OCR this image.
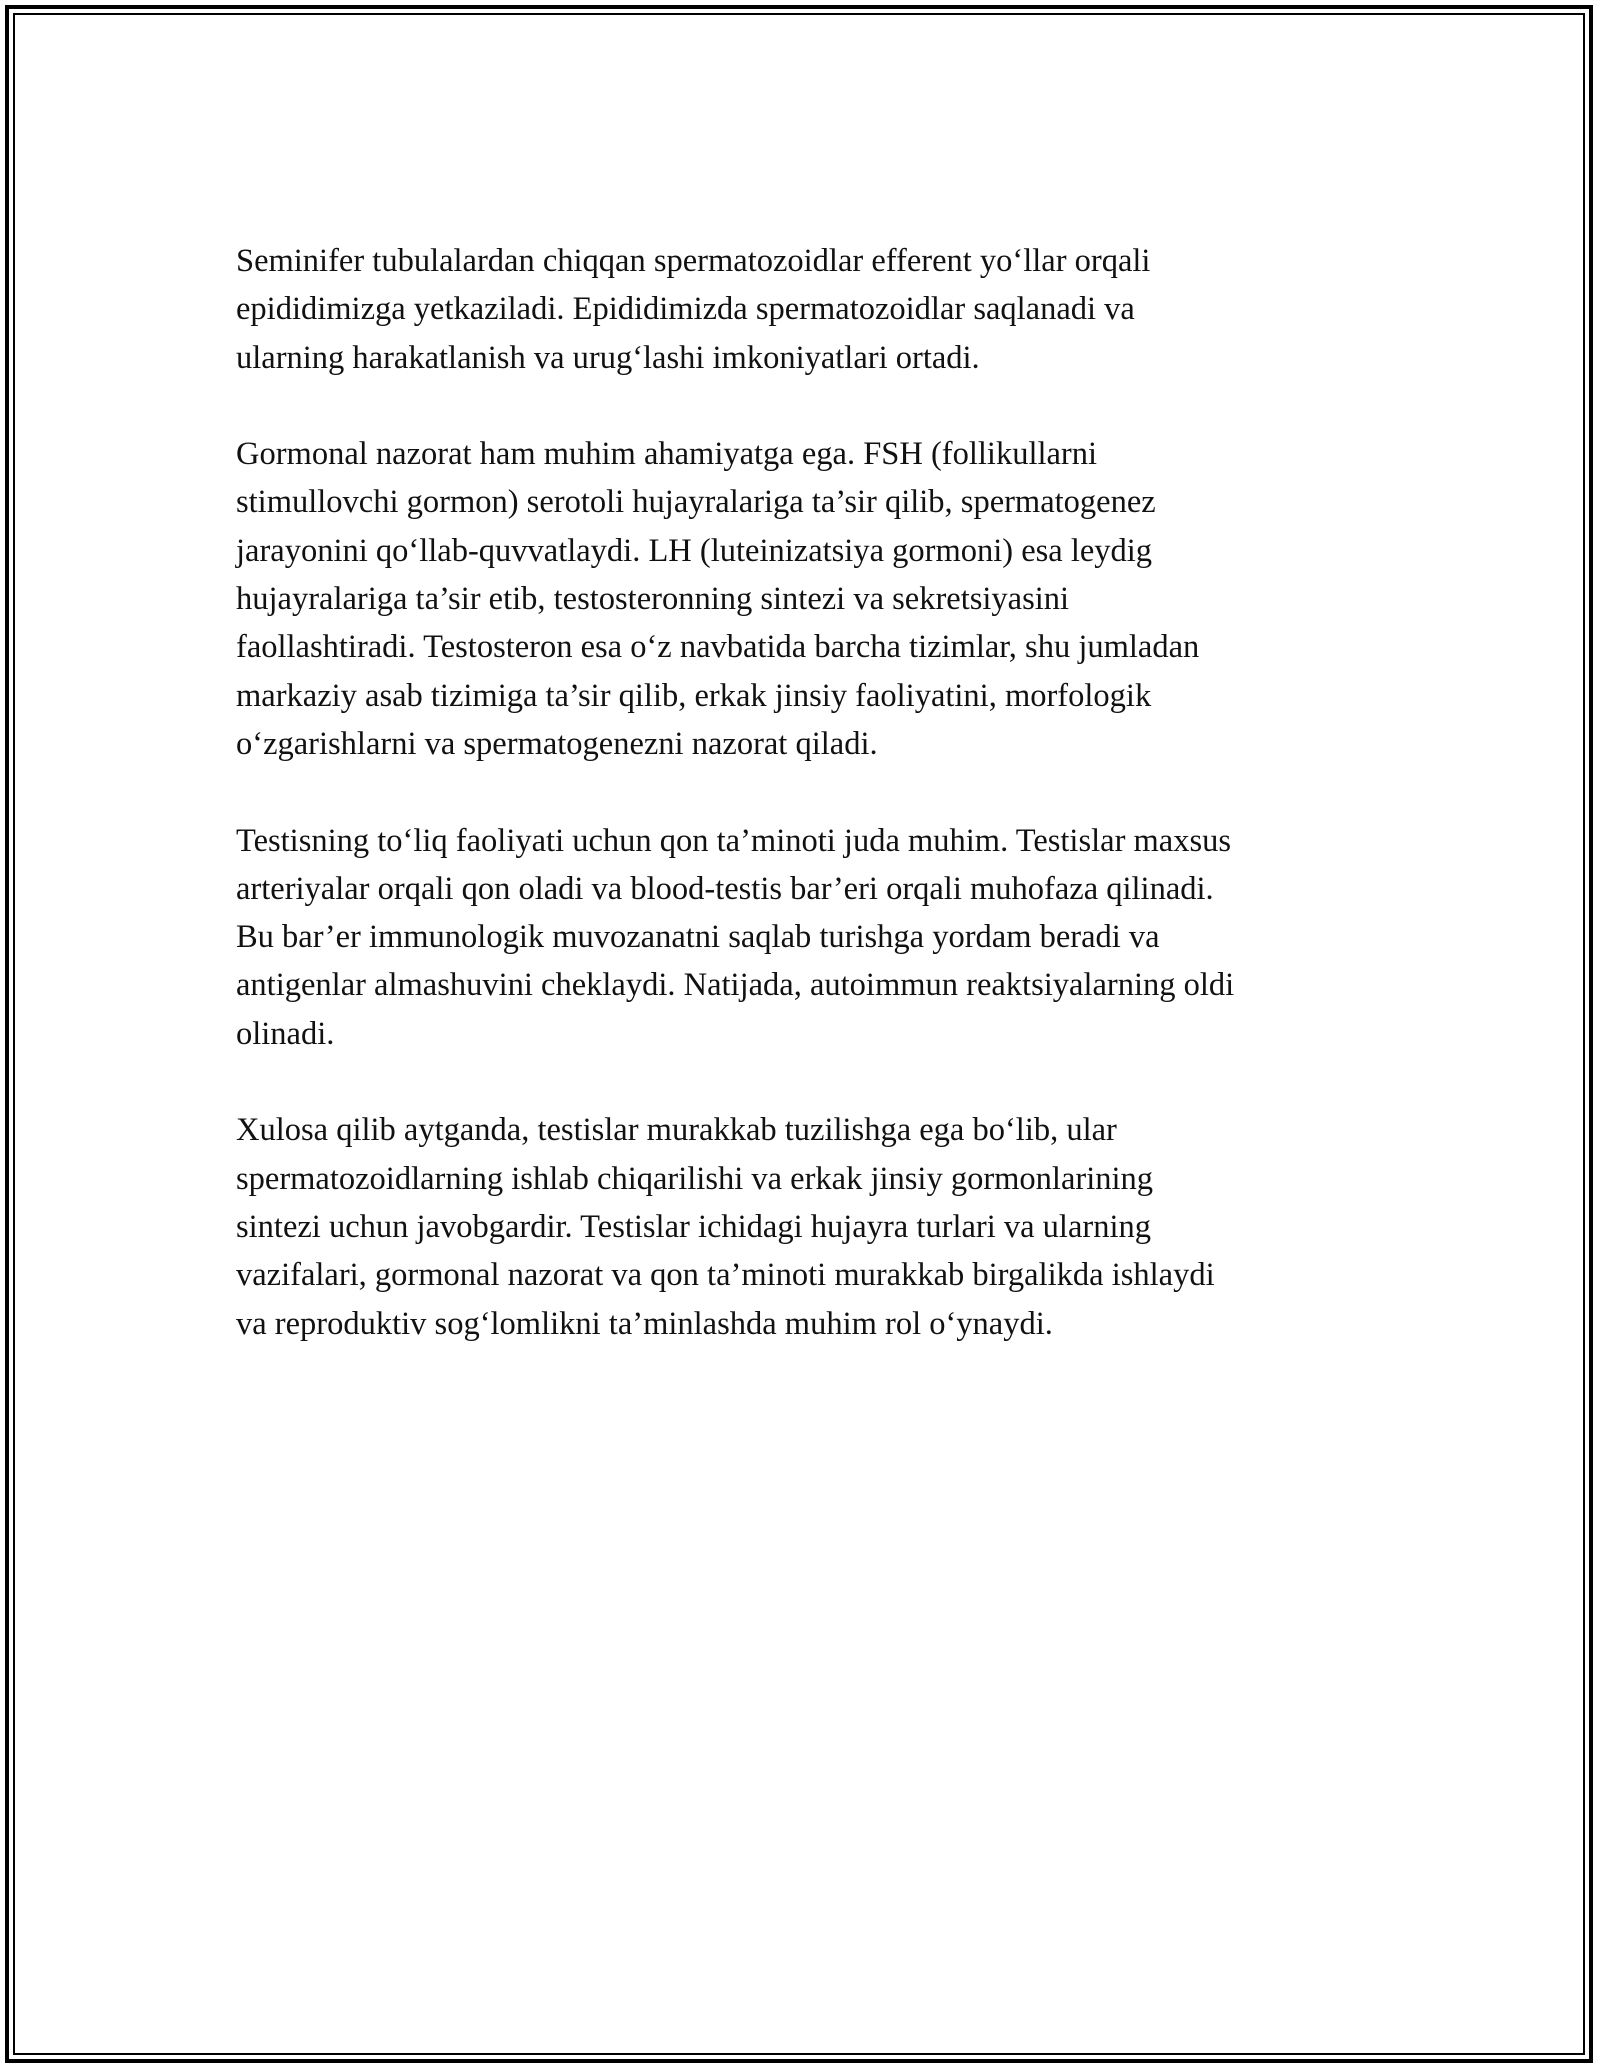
Seminifer tubulalardan chiqqan spermatozoidlar efferent yo‘llar orqali
epididimizga yetkaziladi. Epididimizda spermatozoidlar saqlanadi va
ularning harakatlanish va urug‘lashi imkoniyatlari ortadi.

Gormonal nazorat ham muhim ahamiyatga ega. FSH (follikullarni
stimullovchi gormon) serotoli hujayralariga ta’sir qilib, spermatogenez
jarayonini qo‘llab-quvvatlaydi. LH (luteinizatsiya gormoni) esa leydig
hujayralariga ta’sir etib, testosteronning sintezi va sekretsiyasini
faollashtiradi. Testosteron esa o‘z navbatida barcha tizimlar, shu jumladan
markaziy asab tizimiga ta’sir qilib, erkak jinsiy faoliyatini, morfologik
o‘zgarishlarni va spermatogenezni nazorat qiladi.

Testisning to‘liq faoliyati uchun qon ta’minoti juda muhim. Testislar maxsus
arteriyalar orqali qon oladi va blood-testis bar’eri orqali muhofaza qilinadi.
Bu bar’er immunologik muvozanatni saqlab turishga yordam beradi va
antigenlar almashuvini cheklaydi. Natijada, autoimmun reaktsiyalarning oldi
olinadi.

Xulosa qilib aytganda, testislar murakkab tuzilishga ega bo‘lib, ular
spermatozoidlarning ishlab chiqarilishi va erkak jinsiy gormonlarining
sintezi uchun javobgardir. Testislar ichidagi hujayra turlari va ularning
vazifalari, gormonal nazorat va qon ta’minoti murakkab birgalikda ishlaydi
va reproduktiv sog‘lomlikni ta’minlashda muhim rol o‘ynaydi.
